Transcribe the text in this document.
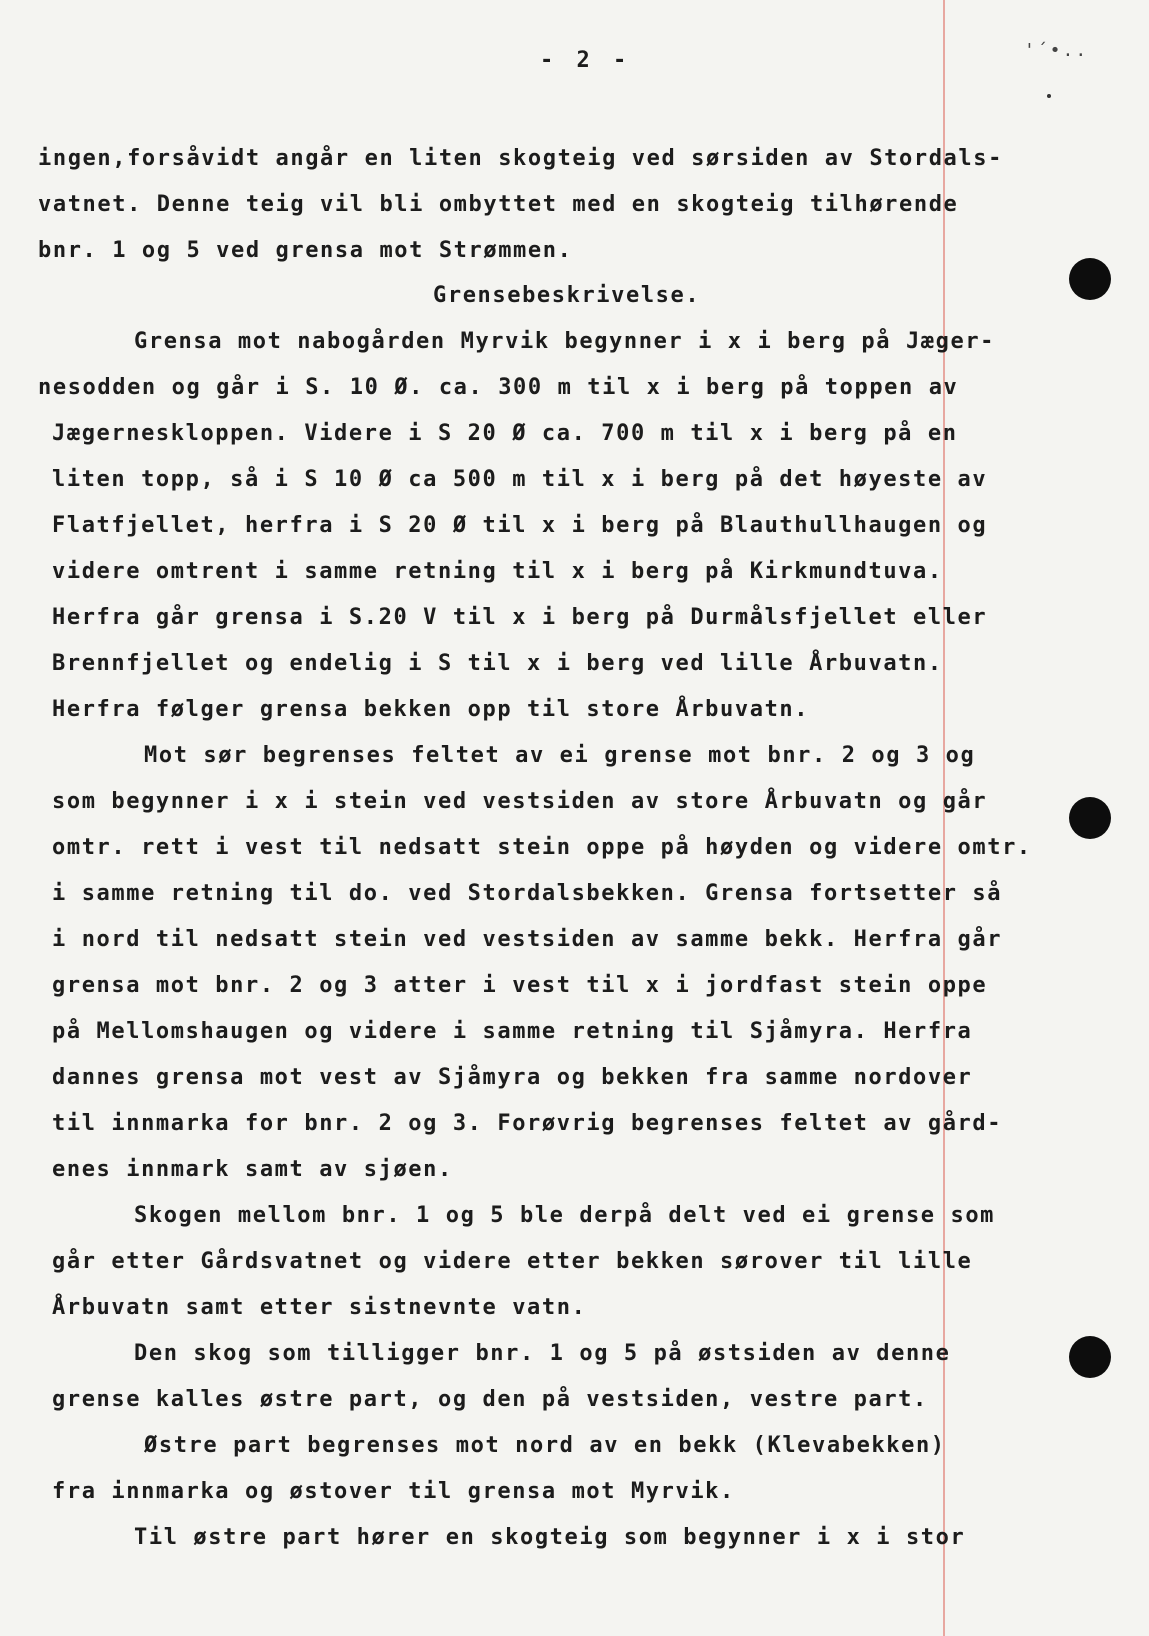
'´•..
- 2 -
ingen,forsåvidt angår en liten skogteig ved sørsiden av Stordals-
vatnet. Denne teig vil bli ombyttet med en skogteig tilhørende
bnr. 1 og 5 ved grensa mot Strømmen.
Grensebeskrivelse.
Grensa mot nabogården Myrvik begynner i x i berg på Jæger-
nesodden og går i S. 10 Ø. ca. 300 m til x i berg på toppen av
Jægerneskloppen. Videre i S 20 Ø ca. 700 m til x i berg på en
liten topp, så i S 10 Ø ca 500 m til x i berg på det høyeste av
Flatfjellet, herfra i S 20 Ø til x i berg på Blauthullhaugen og
videre omtrent i samme retning til x i berg på Kirkmundtuva.
Herfra går grensa i S.20 V til x i berg på Durmålsfjellet eller
Brennfjellet og endelig i S til x i berg ved lille Årbuvatn.
Herfra følger grensa bekken opp til store Årbuvatn.
Mot sør begrenses feltet av ei grense mot bnr. 2 og 3 og
som begynner i x i stein ved vestsiden av store Årbuvatn og går
omtr. rett i vest til nedsatt stein oppe på høyden og videre omtr.
i samme retning til do. ved Stordalsbekken. Grensa fortsetter så
i nord til nedsatt stein ved vestsiden av samme bekk. Herfra går
grensa mot bnr. 2 og 3 atter i vest til x i jordfast stein oppe
på Mellomshaugen og videre i samme retning til Sjåmyra. Herfra
dannes grensa mot vest av Sjåmyra og bekken fra samme nordover
til innmarka for bnr. 2 og 3. Forøvrig begrenses feltet av gård-
enes innmark samt av sjøen.
Skogen mellom bnr. 1 og 5 ble derpå delt ved ei grense som
går etter Gårdsvatnet og videre etter bekken sørover til lille
Årbuvatn samt etter sistnevnte vatn.
Den skog som tilligger bnr. 1 og 5 på østsiden av denne
grense kalles østre part, og den på vestsiden, vestre part.
Østre part begrenses mot nord av en bekk (Klevabekken)
fra innmarka og østover til grensa mot Myrvik.
Til østre part hører en skogteig som begynner i x i stor
